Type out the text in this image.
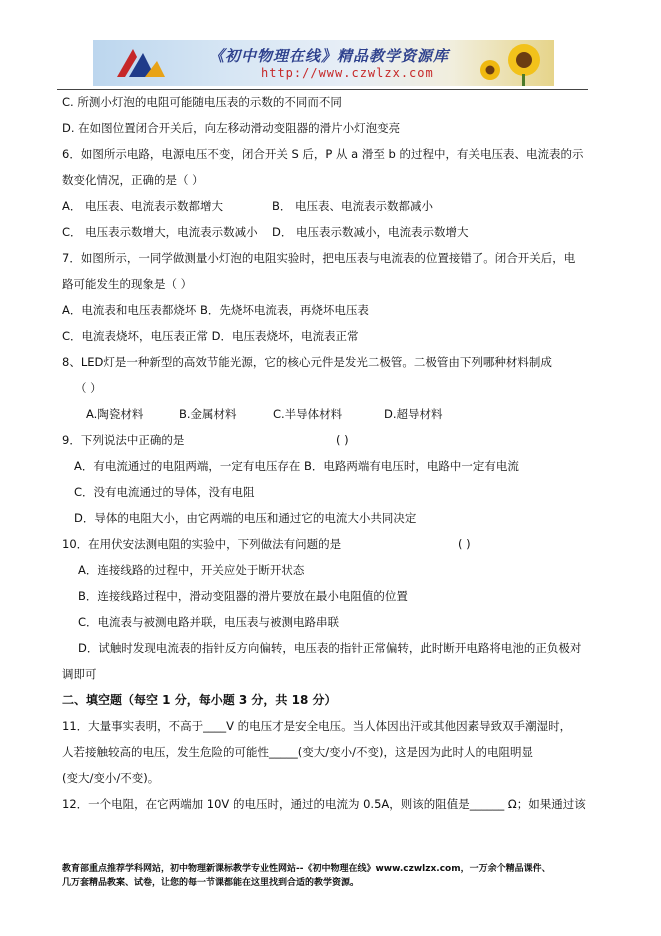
《初中物理在线》精品教学资源库
http://www.czwlzx.com
C. 所测小灯泡的电阻可能随电压表的示数的不同而不同
D. 在如图位置闭合开关后，向左移动滑动变阻器的滑片小灯泡变亮
6．如图所示电路，电源电压不变，闭合开关 S 后，P 从 a 滑至 b 的过程中，有关电压表、电流表的示
数变化情况，正确的是（ ）
A． 电压表、电流表示数都增大	B． 电压表、电流表示数都减小
C． 电压表示数增大，电流表示数减小 D． 电压表示数减小，电流表示数增大
7．如图所示，一同学做测量小灯泡的电阻实验时，把电压表与电流表的位置接错了。闭合开关后，电
路可能发生的现象是（ ）
A．电流表和电压表都烧坏 B．先烧坏电流表，再烧坏电压表
C．电流表烧坏，电压表正常 D．电压表烧坏，电流表正常
8、LED灯是一种新型的高效节能光源，它的核心元件是发光二极管。二极管由下列哪种材料制成
（ ）
A.陶瓷材料	B.金属材料	C.半导体材料	D.超导材料
9．下列说法中正确的是	( )
A．有电流通过的电阻两端，一定有电压存在 B．电路两端有电压时，电路中一定有电流
C．没有电流通过的导体，没有电阻
D．导体的电阻大小，由它两端的电压和通过它的电流大小共同决定
10．在用伏安法测电阻的实验中，下列做法有问题的是	( )
A．连接线路的过程中，开关应处于断开状态
B．连接线路过程中，滑动变阻器的滑片要放在最小电阻值的位置
C．电流表与被测电路并联，电压表与被测电路串联
D．试触时发现电流表的指针反方向偏转，电压表的指针正常偏转，此时断开电路将电池的正负极对
调即可
二、填空题（每空 1 分，每小题 3 分，共 18 分）
11．大量事实表明，不高于____V 的电压才是安全电压。当人体因出汗或其他因素导致双手潮湿时，
人若接触较高的电压，发生危险的可能性_____(变大/变小/不变)，这是因为此时人的电阻明显
(变大/变小/不变)。
12．一个电阻，在它两端加 10V 的电压时，通过的电流为 0.5A，则该的阻值是______ Ω；如果通过该
教育部重点推荐学科网站，初中物理新课标教学专业性网站--《初中物理在线》www.czwlzx.com，一万余个精品课件、
几万套精品教案、试卷，让您的每一节课都能在这里找到合适的教学资源。
